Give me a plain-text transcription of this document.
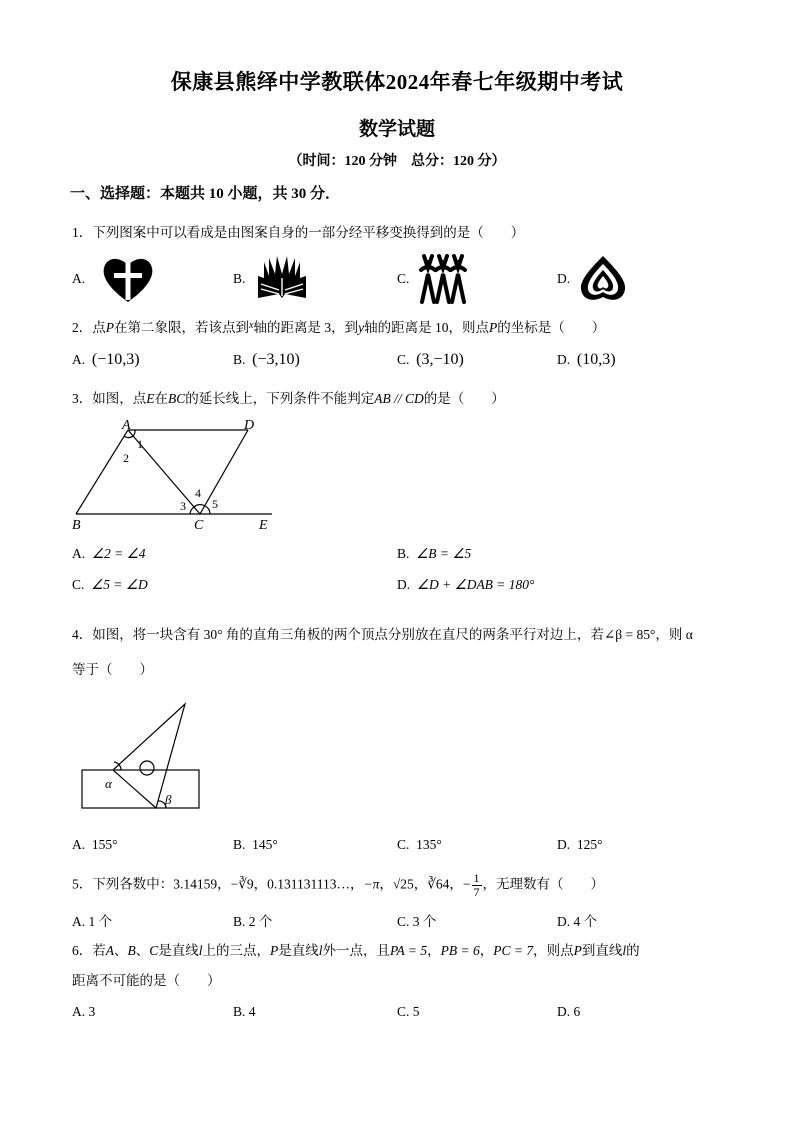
保康县熊绎中学教联体2024年春七年级期中考试
数学试题
（时间：120 分钟　总分：120 分）
一、选择题：本题共 10 小题，共 30 分．
1．下列图案中可以看成是由图案自身的一部分经平移变换得到的是（　　）
A.	B.	C.	D.
2．点P在第二象限，若该点到$^x$轴的距离是 3，到y轴的距离是 10，则点P的坐标是（　　）
A. (−10,3)	B. (−3,10)	C. (3,−10)	D. (10,3)
3．如图，点E在BC的延长线上，下列条件不能判定AB // CD的是（　　）
A	D
B	C	E
1
2
3
4
5
A. ∠2 = ∠4	B. ∠B = ∠5
C. ∠5 = ∠D	D. ∠D + ∠DAB = 180°
4．如图，将一块含有 30° 角的直角三角板的两个顶点分别放在直尺的两条平行对边上，若∠β = 85°，则 α
等于（　　）
α
β
A. 155°	B. 145°	C. 135°	D. 125°
5．下列各数中：3.14159，−∛9，0.131131113…，−π，√25，∛64，− $\frac{1}{7}$ ，无理数有（　　）
A. 1 个	B. 2 个	C. 3 个	D. 4 个
6．若A、B、C是直线l上的三点，P是直线l外一点，且PA = 5，PB = 6，PC = 7，则点P到直线l的
距离不可能的是（　　）
A. 3	B. 4	C. 5	D. 6
